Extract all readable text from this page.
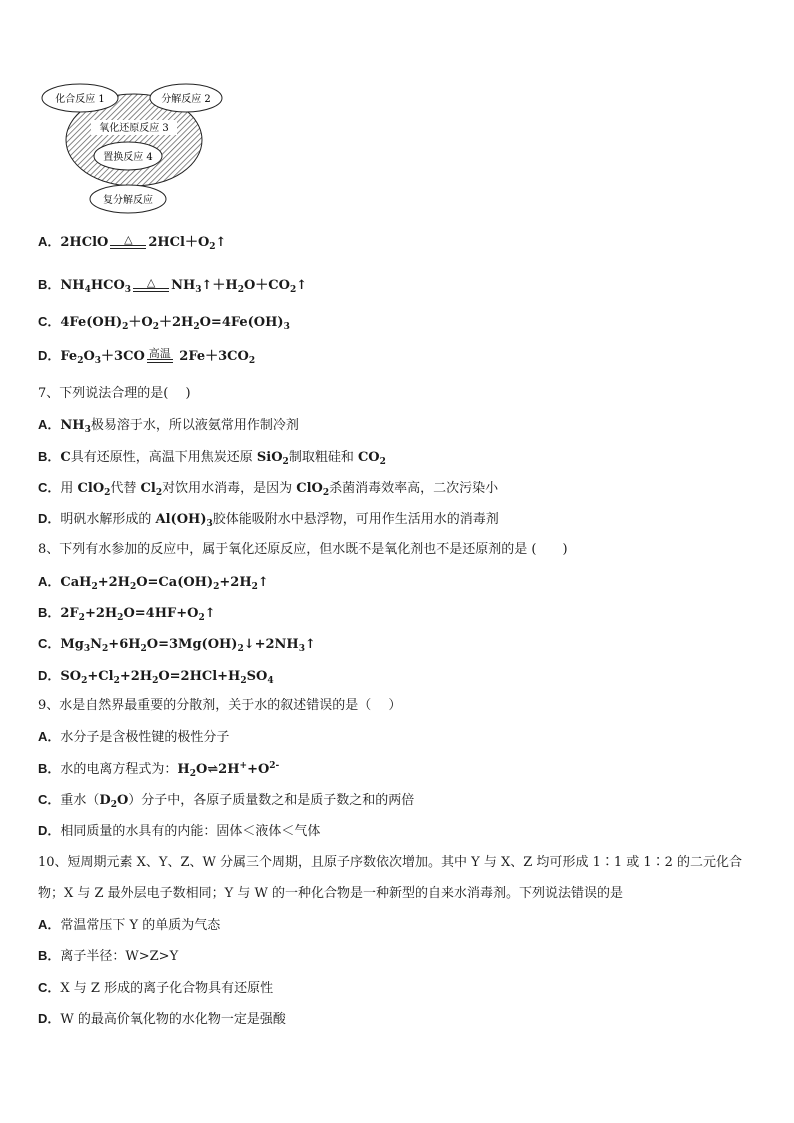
化合反应 1	分解反应 2
氧化还原反应 3
置换反应 4
复分解反应
A．2HClO	△	$2HCl+O_2↑$
B．$NH_4HCO_3$
△	$NH_3↑+H_2O+CO_2↑$
C．$4Fe(OH)_2+O_2+2H_2O=4Fe(OH)_3$
D．$Fe_2O_3+3CO$ 高温 $2Fe+3CO_2$
7、下列说法合理的是(　 )
A．$NH_3$极易溶于水，所以液氨常用作制冷剂
B．C具有还原性，高温下用焦炭还原 SiO$_2$制取粗硅和 $CO_2$
C．用 ClO$_2$代替 $Cl_2$对饮用水消毒，是因为 ClO$_2$杀菌消毒效率高，二次污染小
D．明矾水解形成的 $Al(OH)_3$胶体能吸附水中悬浮物，可用作生活用水的消毒剂
8、下列有水参加的反应中，属于氧化还原反应，但水既不是氧化剂也不是还原剂的是 (　　)
A．$CaH_2+2H_2O=Ca(OH)_2+2H_2↑$
B．$2F_2+2H_2O=4HF+O_2↑$
C．$Mg_3N_2+6H_2O=3Mg(OH)_2↓+2NH_3↑$
D．$SO_2+Cl_2+2H_2O=2HCl+H_2SO_4$
9、水是自然界最重要的分散剂，关于水的叙述错误的是（　 ）
A．水分子是含极性键的极性分子
B．水的电离方程式为：$H_2O\rightleftharpoons 2H^++O^{2-}$
C．重水$(D_2O)$分子中，各原子质量数之和是质子数之和的两倍
D．相同质量的水具有的内能：固体＜液体＜气体
10、短周期元素 X、Y、Z、W 分属三个周期，且原子序数依次增加。其中 Y 与 X、Z 均可形成 1∶1 或 1∶2 的二元化合
物；X 与 Z 最外层电子数相同；Y 与 W 的一种化合物是一种新型的自来水消毒剂。下列说法错误的是
A．常温常压下 Y 的单质为气态
B．离子半径：W>Z>Y
C．X 与 Z 形成的离子化合物具有还原性
D．W 的最高价氧化物的水化物一定是强酸
